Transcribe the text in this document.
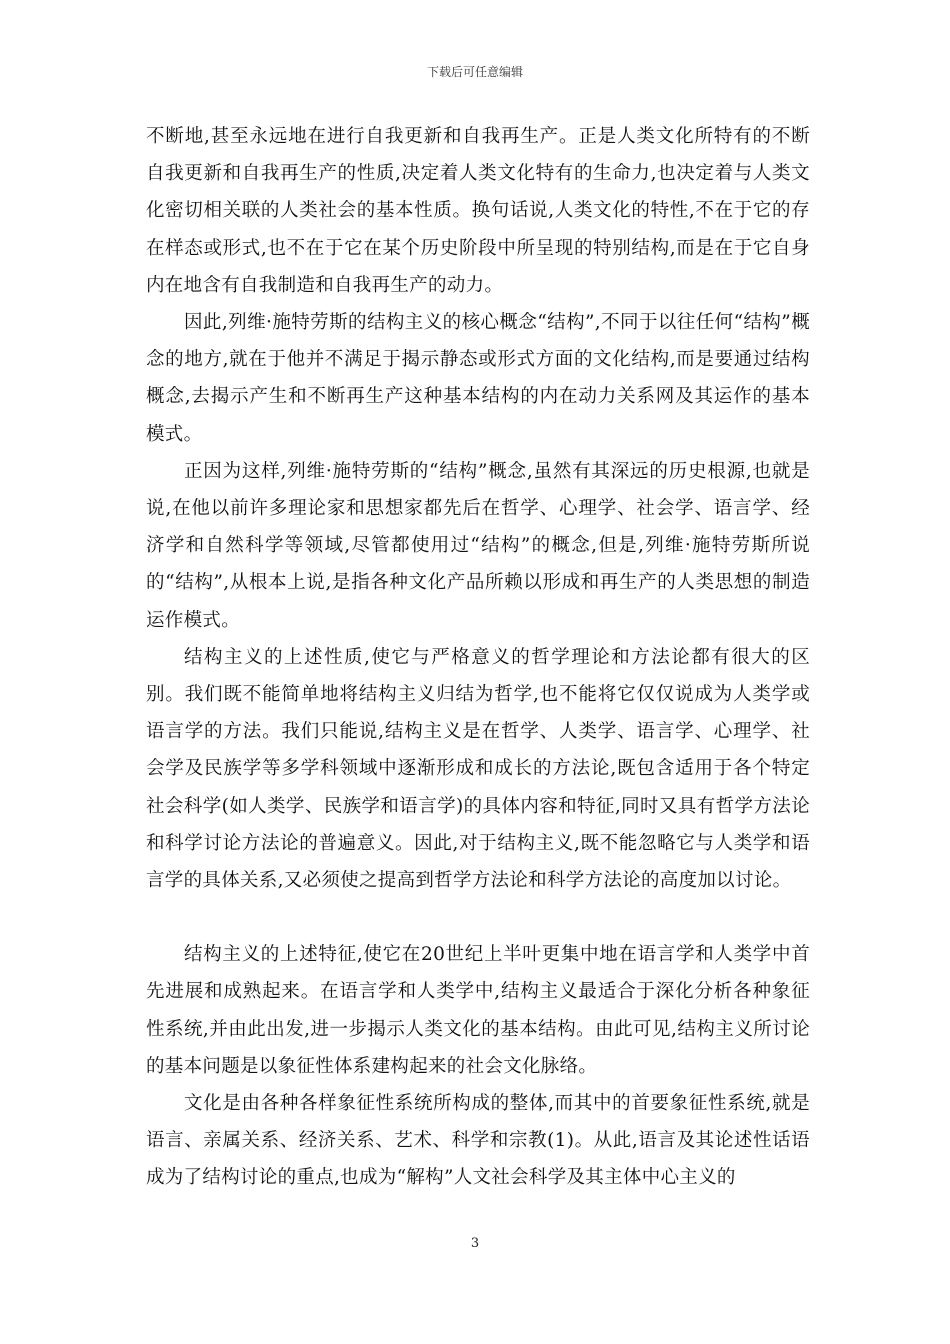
下载后可任意编辑

不断地,甚至永远地在进行自我更新和自我再生产。正是人类文化所特有的不断自我更新和自我再生产的性质,决定着人类文化特有的生命力,也决定着与人类文化密切相关联的人类社会的基本性质。换句话说,人类文化的特性,不在于它的存在样态或形式,也不在于它在某个历史阶段中所呈现的特别结构,而是在于它自身内在地含有自我制造和自我再生产的动力。

因此,列维·施特劳斯的结构主义的核心概念“结构”,不同于以往任何“结构”概念的地方,就在于他并不满足于揭示静态或形式方面的文化结构,而是要通过结构概念,去揭示产生和不断再生产这种基本结构的内在动力关系网及其运作的基本模式。

正因为这样,列维·施特劳斯的“结构”概念,虽然有其深远的历史根源,也就是说,在他以前许多理论家和思想家都先后在哲学、心理学、社会学、语言学、经济学和自然科学等领域,尽管都使用过“结构”的概念,但是,列维·施特劳斯所说的“结构”,从根本上说,是指各种文化产品所赖以形成和再生产的人类思想的制造运作模式。

结构主义的上述性质,使它与严格意义的哲学理论和方法论都有很大的区别。我们既不能简单地将结构主义归结为哲学,也不能将它仅仅说成为人类学或语言学的方法。我们只能说,结构主义是在哲学、人类学、语言学、心理学、社会学及民族学等多学科领域中逐渐形成和成长的方法论,既包含适用于各个特定社会科学(如人类学、民族学和语言学)的具体内容和特征,同时又具有哲学方法论和科学讨论方法论的普遍意义。因此,对于结构主义,既不能忽略它与人类学和语言学的具体关系,又必须使之提高到哲学方法论和科学方法论的高度加以讨论。

结构主义的上述特征,使它在20世纪上半叶更集中地在语言学和人类学中首先进展和成熟起来。在语言学和人类学中,结构主义最适合于深化分析各种象征性系统,并由此出发,进一步揭示人类文化的基本结构。由此可见,结构主义所讨论的基本问题是以象征性体系建构起来的社会文化脉络。

文化是由各种各样象征性系统所构成的整体,而其中的首要象征性系统,就是语言、亲属关系、经济关系、艺术、科学和宗教(1)。从此,语言及其论述性话语成为了结构讨论的重点,也成为“解构”人文社会科学及其主体中心主义的

3
